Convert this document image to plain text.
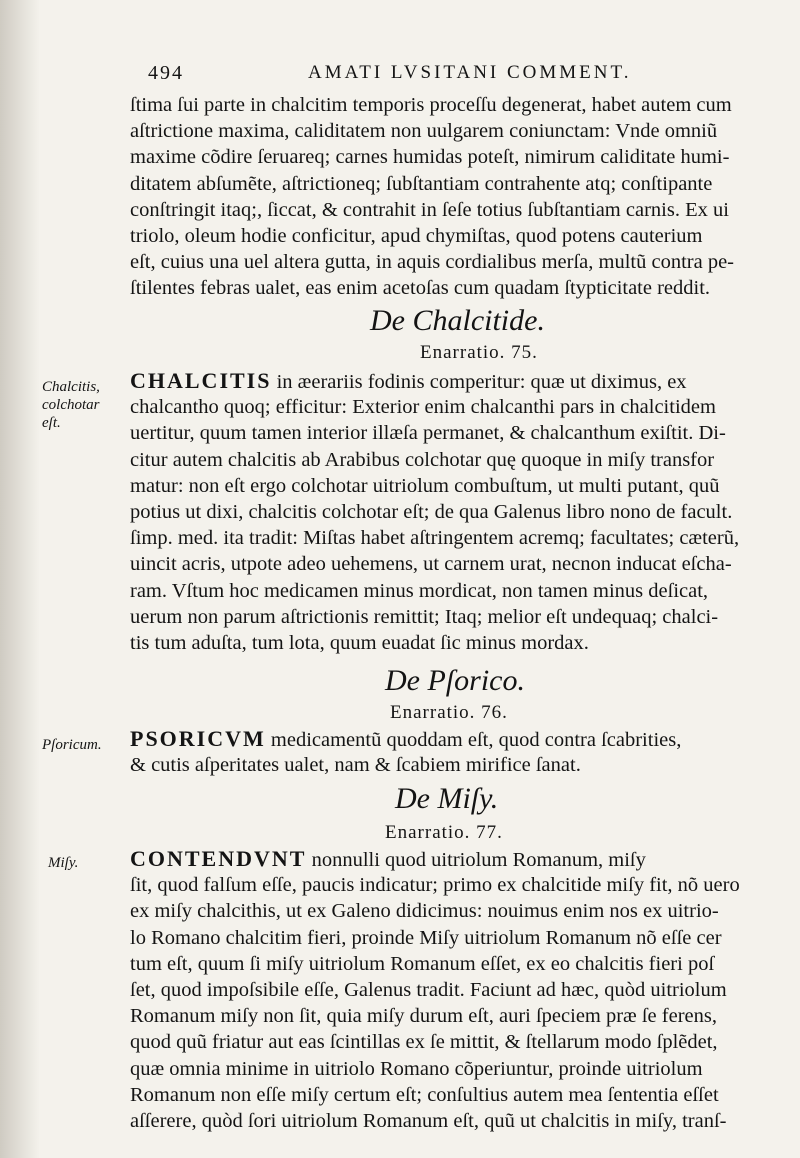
494	AMATI LVSITANI COMMENT.
ſtima ſui parte in chalcitim temporis proceſſu degenerat, habet autem cum
aſtrictione maxima, caliditatem non uulgarem coniunctam: Vnde omniũ
maxime cõdire ſeruareq; carnes humidas poteſt, nimirum caliditate humi-
ditatem abſumẽte, aſtrictioneq; ſubſtantiam contrahente atq; conſtipante
conſtringit itaq;, ſiccat, & contrahit in ſeſe totius ſubſtantiam carnis. Ex ui
triolo, oleum hodie conficitur, apud chymiſtas, quod potens cauterium
eſt, cuius una uel altera gutta, in aquis cordialibus merſa, multũ contra pe-
ſtilentes febras ualet, eas enim acetoſas cum quadam ſtypticitate reddit.
De Chalcitide.
Enarratio. 75.
Chalcitis,
colchotar
eſt.
CHALCITIS in æerariis fodinis comperitur: quæ ut diximus, ex
chalcantho quoq; efficitur: Exterior enim chalcanthi pars in chalcitidem
uertitur, quum tamen interior illæſa permanet, & chalcanthum exiſtit. Di-
citur autem chalcitis ab Arabibus colchotar quę quoque in miſy transfor
matur: non eſt ergo colchotar uitriolum combuſtum, ut multi putant, quũ
potius ut dixi, chalcitis colchotar eſt; de qua Galenus libro nono de facult.
ſimp. med. ita tradit: Miſtas habet aſtringentem acremq; facultates; cæterũ,
uincit acris, utpote adeo uehemens, ut carnem urat, necnon inducat eſcha-
ram. Vſtum hoc medicamen minus mordicat, non tamen minus deſicat,
uerum non parum aſtrictionis remittit; Itaq; melior eſt undequaq; chalci-
tis tum aduſta, tum lota, quum euadat ſic minus mordax.
De Pſorico.
Enarratio. 76.
Pſoricum. PSORICVM medicamentũ quoddam eſt, quod contra ſcabrities,
& cutis aſperitates ualet, nam & ſcabiem mirifice ſanat.
De Miſy.
Enarratio. 77.
Miſy. CONTENDVNT nonnulli quod uitriolum Romanum, miſy
ſit, quod falſum eſſe, paucis indicatur; primo ex chalcitide miſy fit, nõ uero
ex miſy chalcithis, ut ex Galeno didicimus: nouimus enim nos ex uitrio-
lo Romano chalcitim fieri, proinde Miſy uitriolum Romanum nõ eſſe cer
tum eſt, quum ſi miſy uitriolum Romanum eſſet, ex eo chalcitis fieri poſ
ſet, quod impoſsibile eſſe, Galenus tradit. Faciunt ad hæc, quòd uitriolum
Romanum miſy non ſit, quia miſy durum eſt, auri ſpeciem præ ſe ferens,
quod quũ friatur aut eas ſcintillas ex ſe mittit, & ſtellarum modo ſplẽdet,
quæ omnia minime in uitriolo Romano cõperiuntur, proinde uitriolum
Romanum non eſſe miſy certum eſt; conſultius autem mea ſententia eſſet
aſſerere, quòd ſori uitriolum Romanum eſt, quũ ut chalcitis in miſy, tranſ-
